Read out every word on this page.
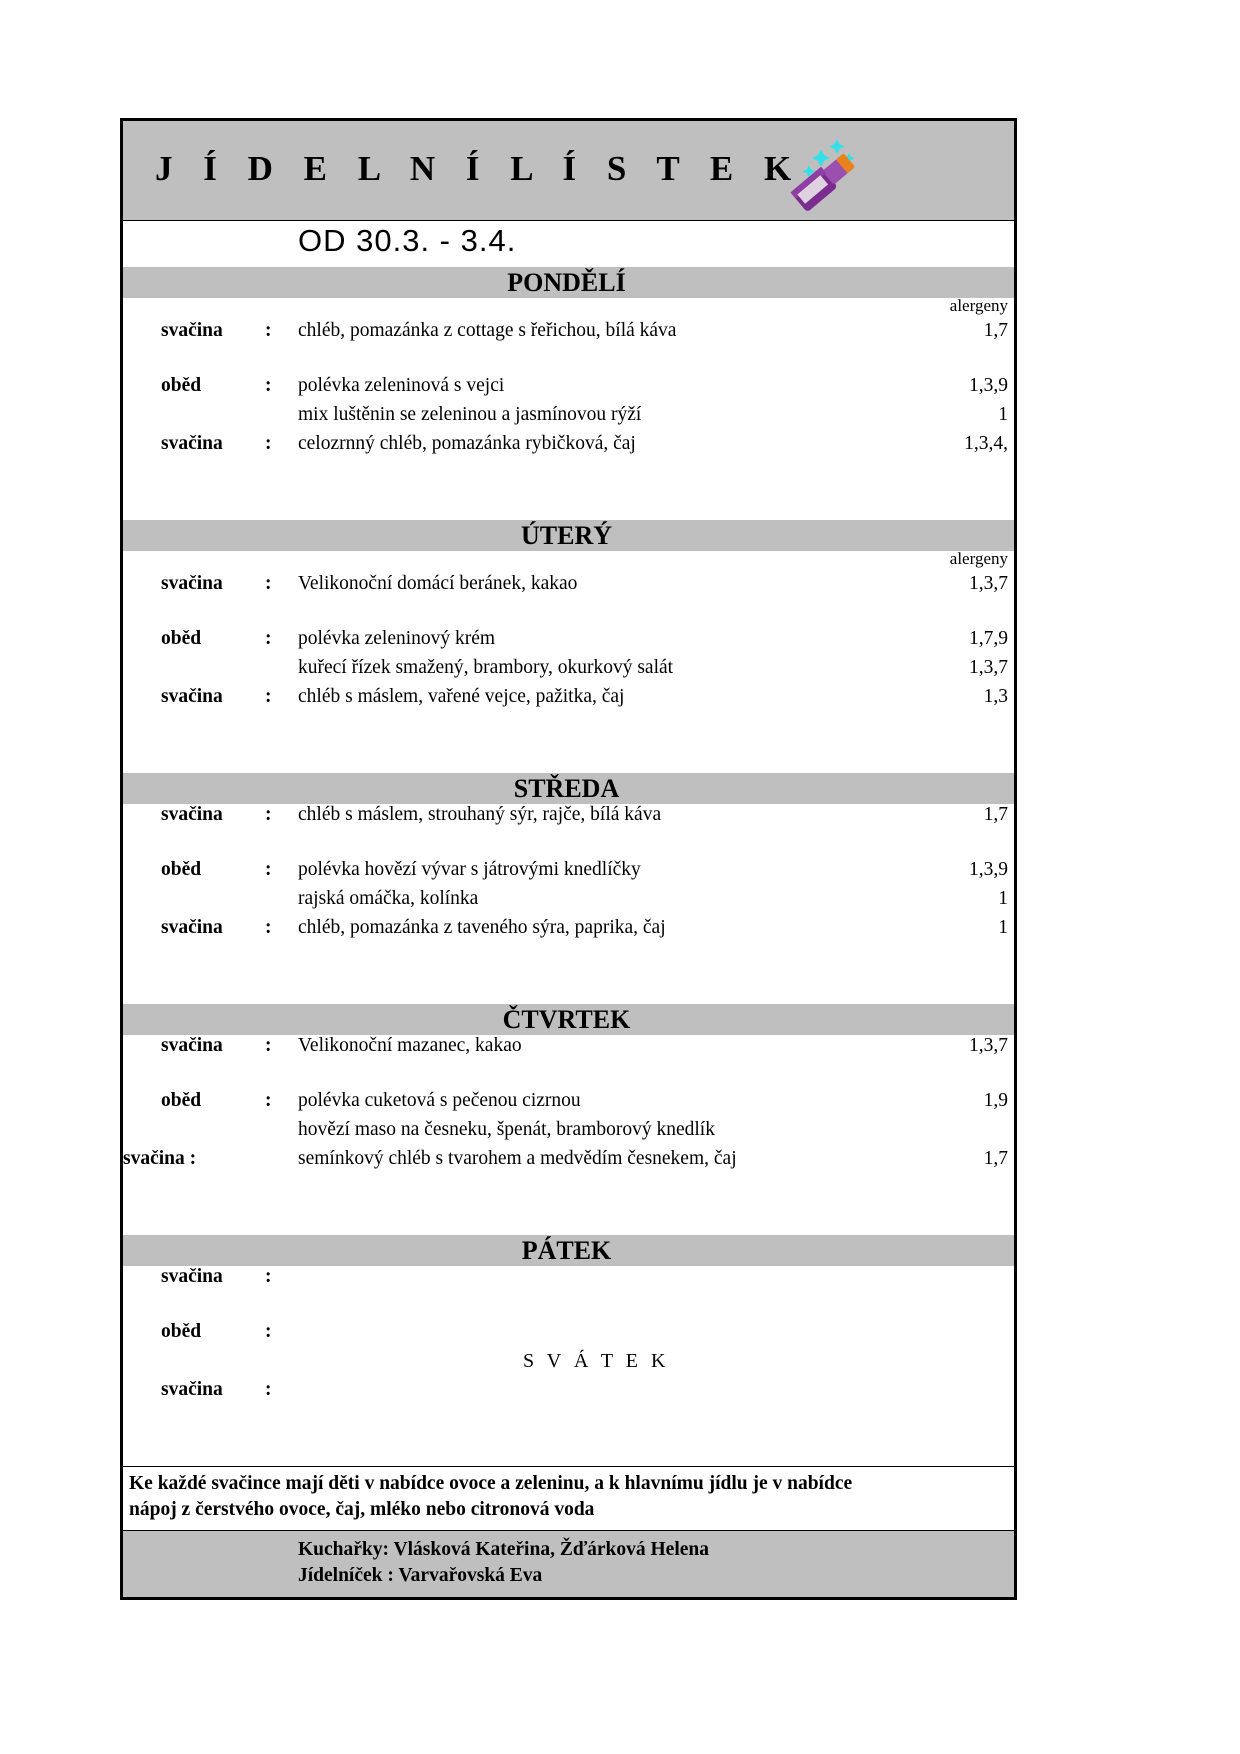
J Í D E L N Í L Í S T E K
OD 30.3. - 3.4.
PONDĚLÍ
alergeny
svačina : chléb, pomazánka z cottage s řeřichou, bílá káva	1,7
oběd	: polévka zeleninová s vejci	1,3,9
mix luštěnin se zeleninou a jasmínovou rýží	1
svačina : celozrnný chléb, pomazánka rybičková, čaj	1,3,4,
ÚTERÝ
alergeny
svačina : Velikonoční domácí beránek, kakao	1,3,7
oběd	: polévka zeleninový krém	1,7,9
kuřecí řízek smažený, brambory, okurkový salát	1,3,7
svačina : chléb s máslem, vařené vejce, pažitka, čaj	1,3
STŘEDA
svačina : chléb s máslem, strouhaný sýr, rajče, bílá káva	1,7
oběd	: polévka hovězí vývar s játrovými knedlíčky	1,3,9
rajská omáčka, kolínka	1
svačina : chléb, pomazánka z taveného sýra, paprika, čaj	1
ČTVRTEK
svačina : Velikonoční mazanec, kakao	1,3,7
oběd	: polévka cuketová s pečenou cizrnou	1,9
hovězí maso na česneku, špenát, bramborový knedlík
svačina :	semínkový chléb s tvarohem a medvědím česnekem, čaj	1,7
PÁTEK
svačina :
oběd	:
S V Á T E K
svačina :
Ke každé svačince mají děti v nabídce ovoce a zeleninu, a k hlavnímu jídlu je v nabídce
nápoj z čerstvého ovoce, čaj, mléko nebo citronová voda
Kuchařky: Vlásková Kateřina, Žďárková Helena
Jídelníček : Varvařovská Eva
